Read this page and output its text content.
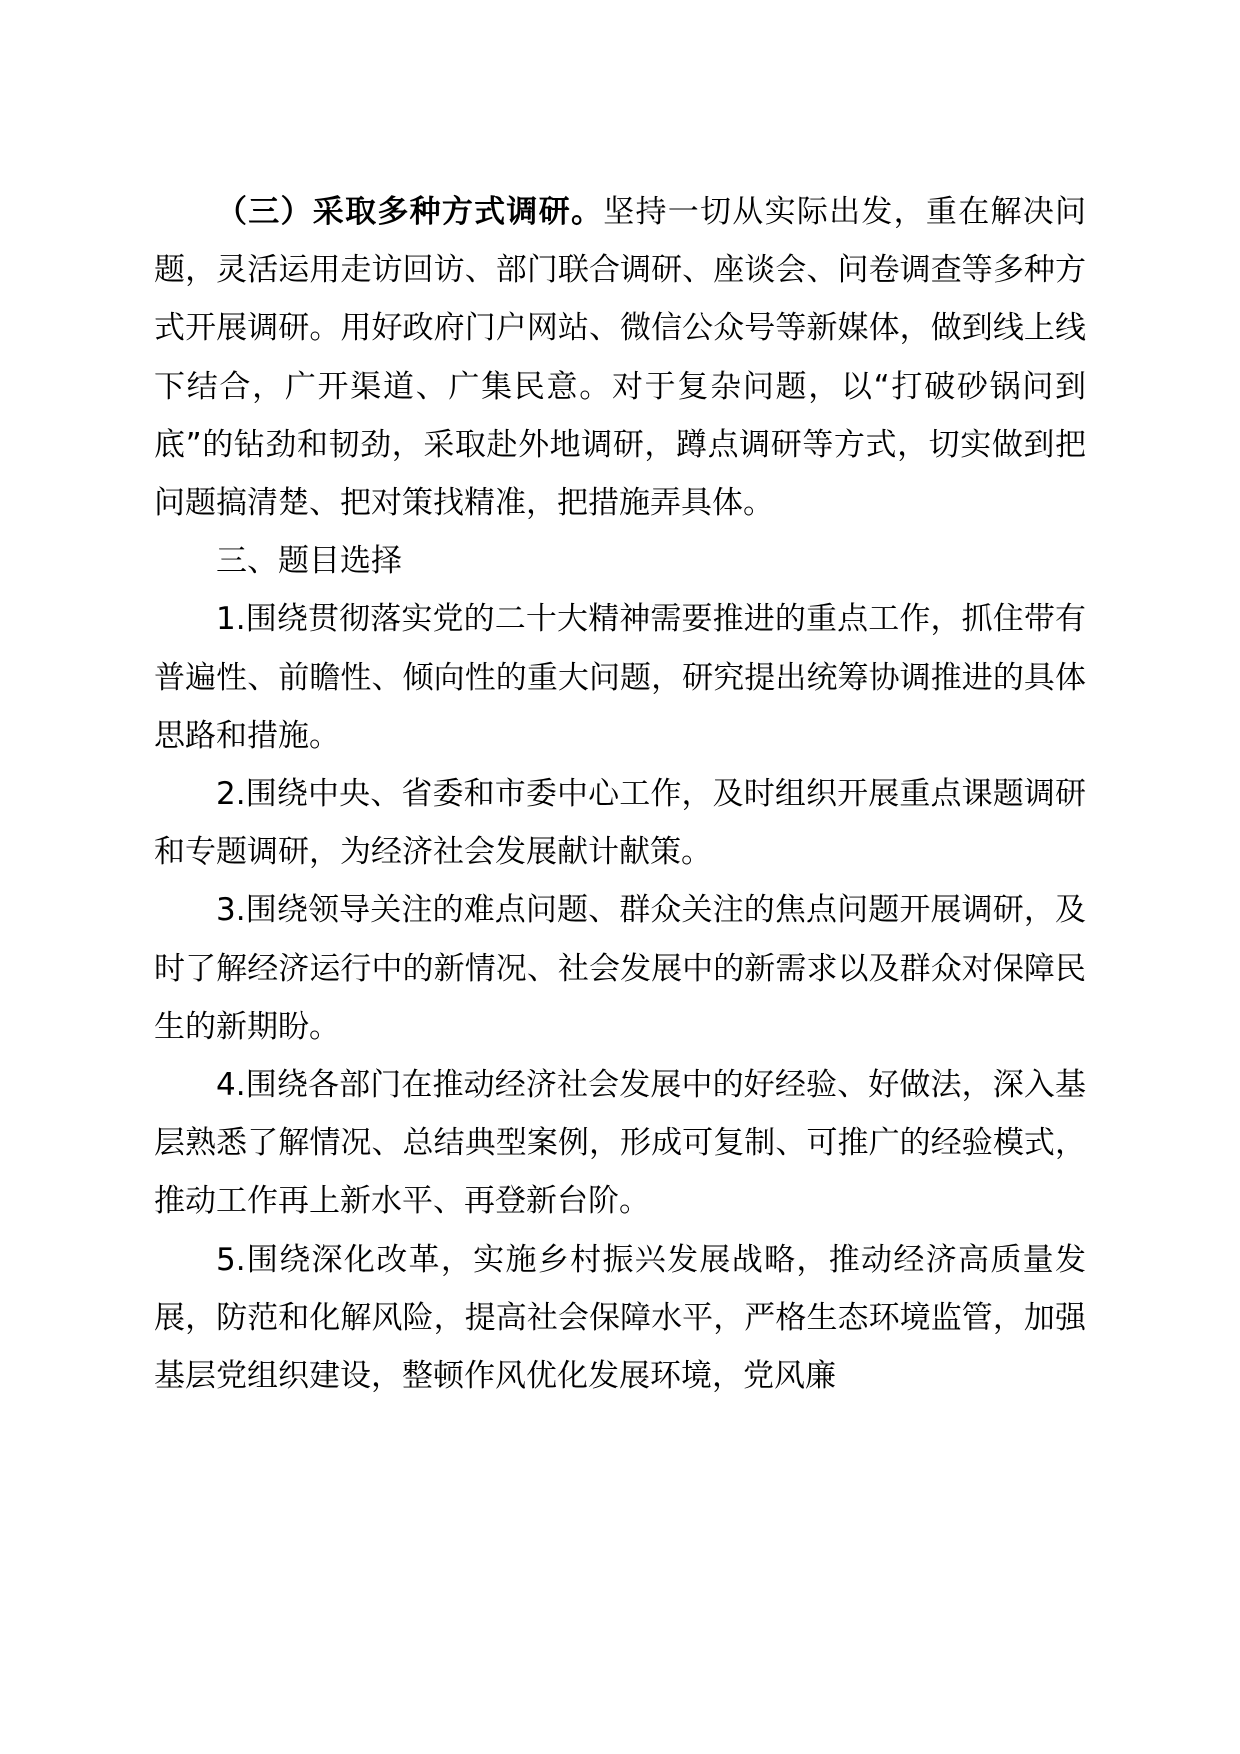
（三）采取多种方式调研。坚持一切从实际出发，重在解决问题，灵活运用走访回访、部门联合调研、座谈会、问卷调查等多种方式开展调研。用好政府门户网站、微信公众号等新媒体，做到线上线下结合，广开渠道、广集民意。对于复杂问题，以“打破砂锅问到底”的钻劲和韧劲，采取赴外地调研，蹲点调研等方式，切实做到把问题搞清楚、把对策找精准，把措施弄具体。

三、题目选择

1.围绕贯彻落实党的二十大精神需要推进的重点工作，抓住带有普遍性、前瞻性、倾向性的重大问题，研究提出统筹协调推进的具体思路和措施。

2.围绕中央、省委和市委中心工作，及时组织开展重点课题调研和专题调研，为经济社会发展献计献策。

3.围绕领导关注的难点问题、群众关注的焦点问题开展调研，及时了解经济运行中的新情况、社会发展中的新需求以及群众对保障民生的新期盼。

4.围绕各部门在推动经济社会发展中的好经验、好做法，深入基层熟悉了解情况、总结典型案例，形成可复制、可推广的经验模式，推动工作再上新水平、再登新台阶。

5.围绕深化改革，实施乡村振兴发展战略，推动经济高质量发展，防范和化解风险，提高社会保障水平，严格生态环境监管，加强基层党组织建设，整顿作风优化发展环境，党风廉
